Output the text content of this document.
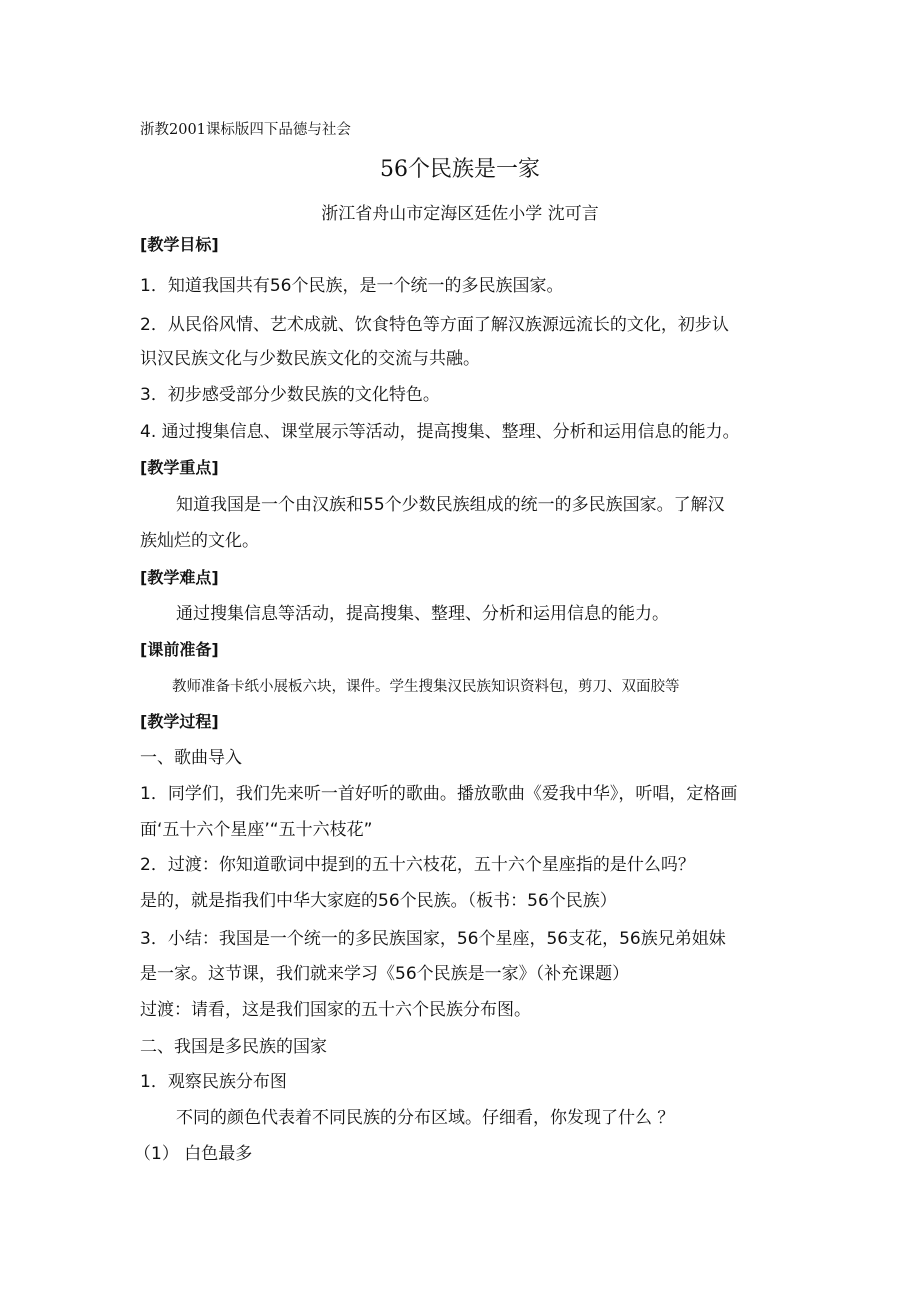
浙教2001课标版四下品德与社会
56个民族是一家
浙江省舟山市定海区廷佐小学 沈可言
[教学目标]
1．知道我国共有56个民族，是一个统一的多民族国家。
2．从民俗风情、艺术成就、饮食特色等方面了解汉族源远流长的文化，初步认
识汉民族文化与少数民族文化的交流与共融。
3．初步感受部分少数民族的文化特色。
4. 通过搜集信息、课堂展示等活动，提高搜集、整理、分析和运用信息的能力。
[教学重点]
知道我国是一个由汉族和55个少数民族组成的统一的多民族国家。了解汉
族灿烂的文化。
[教学难点]
通过搜集信息等活动，提高搜集、整理、分析和运用信息的能力。
[课前准备]
教师准备卡纸小展板六块，课件。学生搜集汉民族知识资料包，剪刀、双面胶等
[教学过程]
一、歌曲导入
1．同学们，我们先来听一首好听的歌曲。播放歌曲《爱我中华》，听唱，定格画
面‘五十六个星座’“五十六枝花”
2．过渡：你知道歌词中提到的五十六枝花，五十六个星座指的是什么吗？
是的，就是指我们中华大家庭的56个民族。（板书：56个民族）
3．小结：我国是一个统一的多民族国家，56个星座，56支花，56族兄弟姐妹
是一家。这节课，我们就来学习《56个民族是一家》（补充课题）
过渡：请看，这是我们国家的五十六个民族分布图。
二、我国是多民族的国家
1．观察民族分布图
不同的颜色代表着不同民族的分布区域。仔细看，你发现了什么 ？
（1） 白色最多
